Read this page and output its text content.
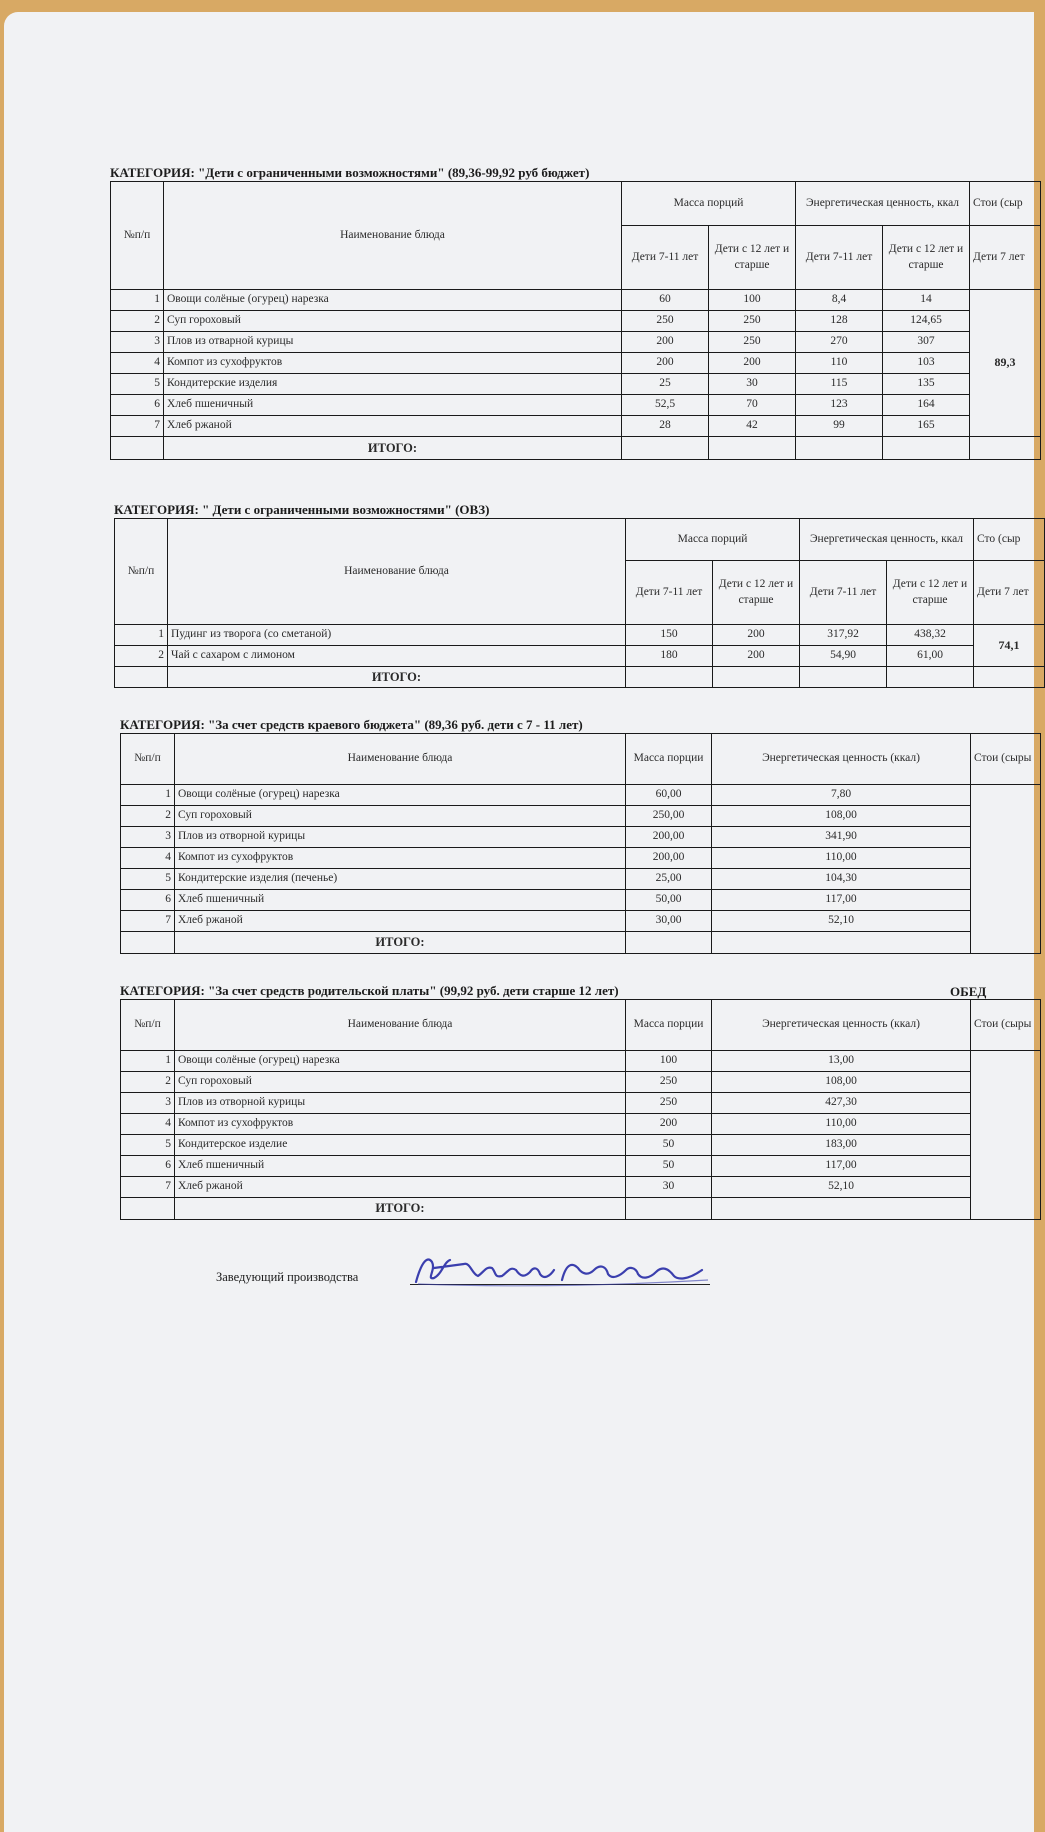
КАТЕГОРИЯ: "Дети с ограниченными возможностями" (89,36-99,92 руб бюджет)
№п/п	Наименование блюда	Масса порций		Энергетическая ценность, ккал		Стои (сыр
		Дети 7-11 лет	Дети с 12 лет и старше	Дети 7-11 лет	Дети с 12 лет и старше	Дети 7 лет
1	Овощи солёные (огурец) нарезка	60	100	8,4	14	89,3
2	Суп гороховый	250	250	128	124,65	
3	Плов из отварной курицы	200	250	270	307	
4	Компот из сухофруктов	200	200	110	103	
5	Кондитерские изделия	25	30	115	135	
6	Хлеб пшеничный	52,5	70	123	164	
7	Хлеб ржаной	28	42	99	165	
	ИТОГО:					
КАТЕГОРИЯ: " Дети с ограниченными возможностями" (ОВЗ)
№п/п	Наименование блюда	Масса порций		Энергетическая ценность, ккал		Сто (сыр
		Дети 7-11 лет	Дети с 12 лет и старше	Дети 7-11 лет	Дети с 12 лет и старше	Дети 7 лет
1	Пудинг из творога (со сметаной)	150	200	317,92	438,32	74,1
2	Чай с сахаром с лимоном	180	200	54,90	61,00	
	ИТОГО:					
КАТЕГОРИЯ: "За счет средств краевого бюджета" (89,36 руб. дети с 7 - 11 лет)
№п/п	Наименование блюда	Масса порции	Энергетическая ценность (ккал)	Стои (сыры
1	Овощи солёные (огурец) нарезка	60,00	7,80	
2	Суп гороховый	250,00	108,00	
3	Плов из отворной курицы	200,00	341,90	
4	Компот из сухофруктов	200,00	110,00	
5	Кондитерские изделия (печенье)	25,00	104,30	
6	Хлеб пшеничный	50,00	117,00	
7	Хлеб ржаной	30,00	52,10	
	ИТОГО:			
КАТЕГОРИЯ: "За счет средств родительской платы" (99,92 руб. дети старше 12 лет)
№п/п	Наименование блюда	Масса порции	Энергетическая ценность (ккал)	Стои (сыры
1	Овощи солёные (огурец) нарезка	100	13,00	
2	Суп гороховый	250	108,00	
3	Плов из отворной курицы	250	427,30	
4	Компот из сухофруктов	200	110,00	
5	Кондитерское изделие	50	183,00	
6	Хлеб пшеничный	50	117,00	
7	Хлеб ржаной	30	52,10	
	ИТОГО:			
ОБЕД
Заведующий производства
